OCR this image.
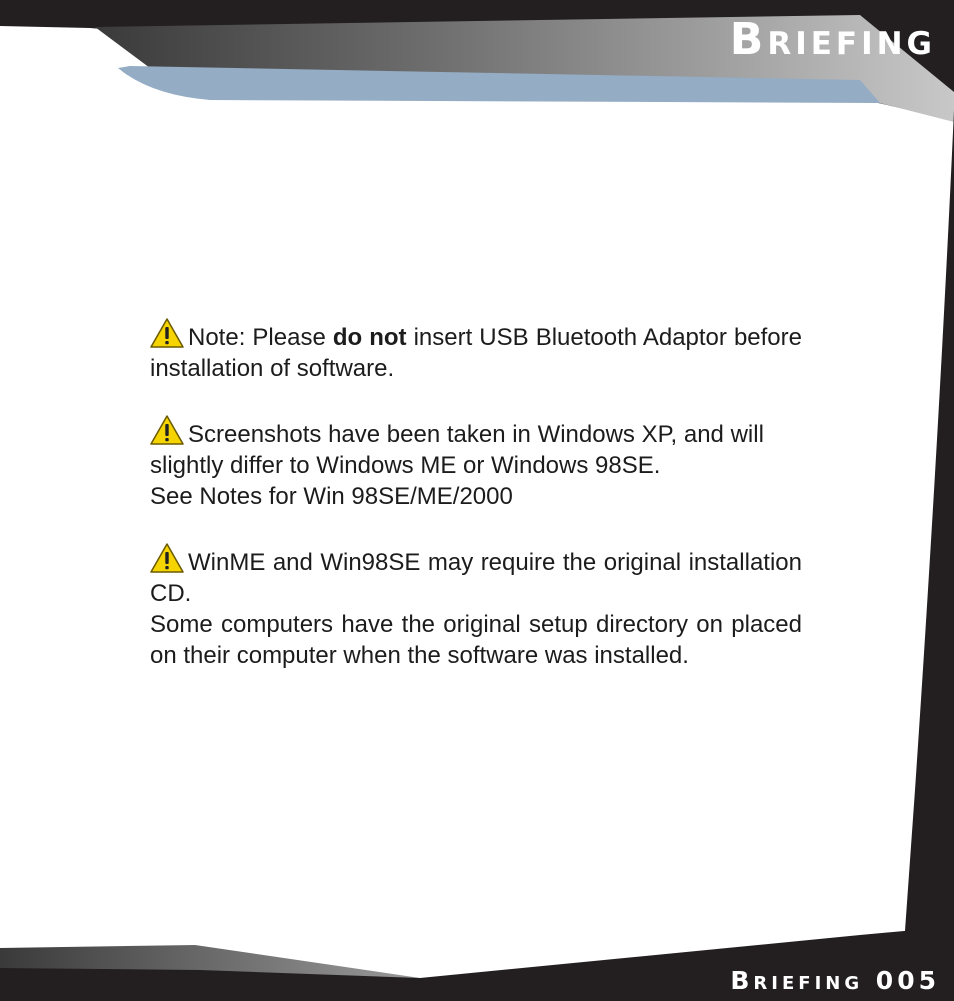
Briefing

Briefing 005

Note: Please do not insert USB Bluetooth Adaptor before installation of software.

Screenshots have been taken in Windows XP, and will slightly differ to Windows ME or Windows 98SE.

See Notes for Win 98SE/ME/2000

WinME and Win98SE may require the original installation CD.

Some computers have the original setup directory on placed on their computer when the software was installed.
